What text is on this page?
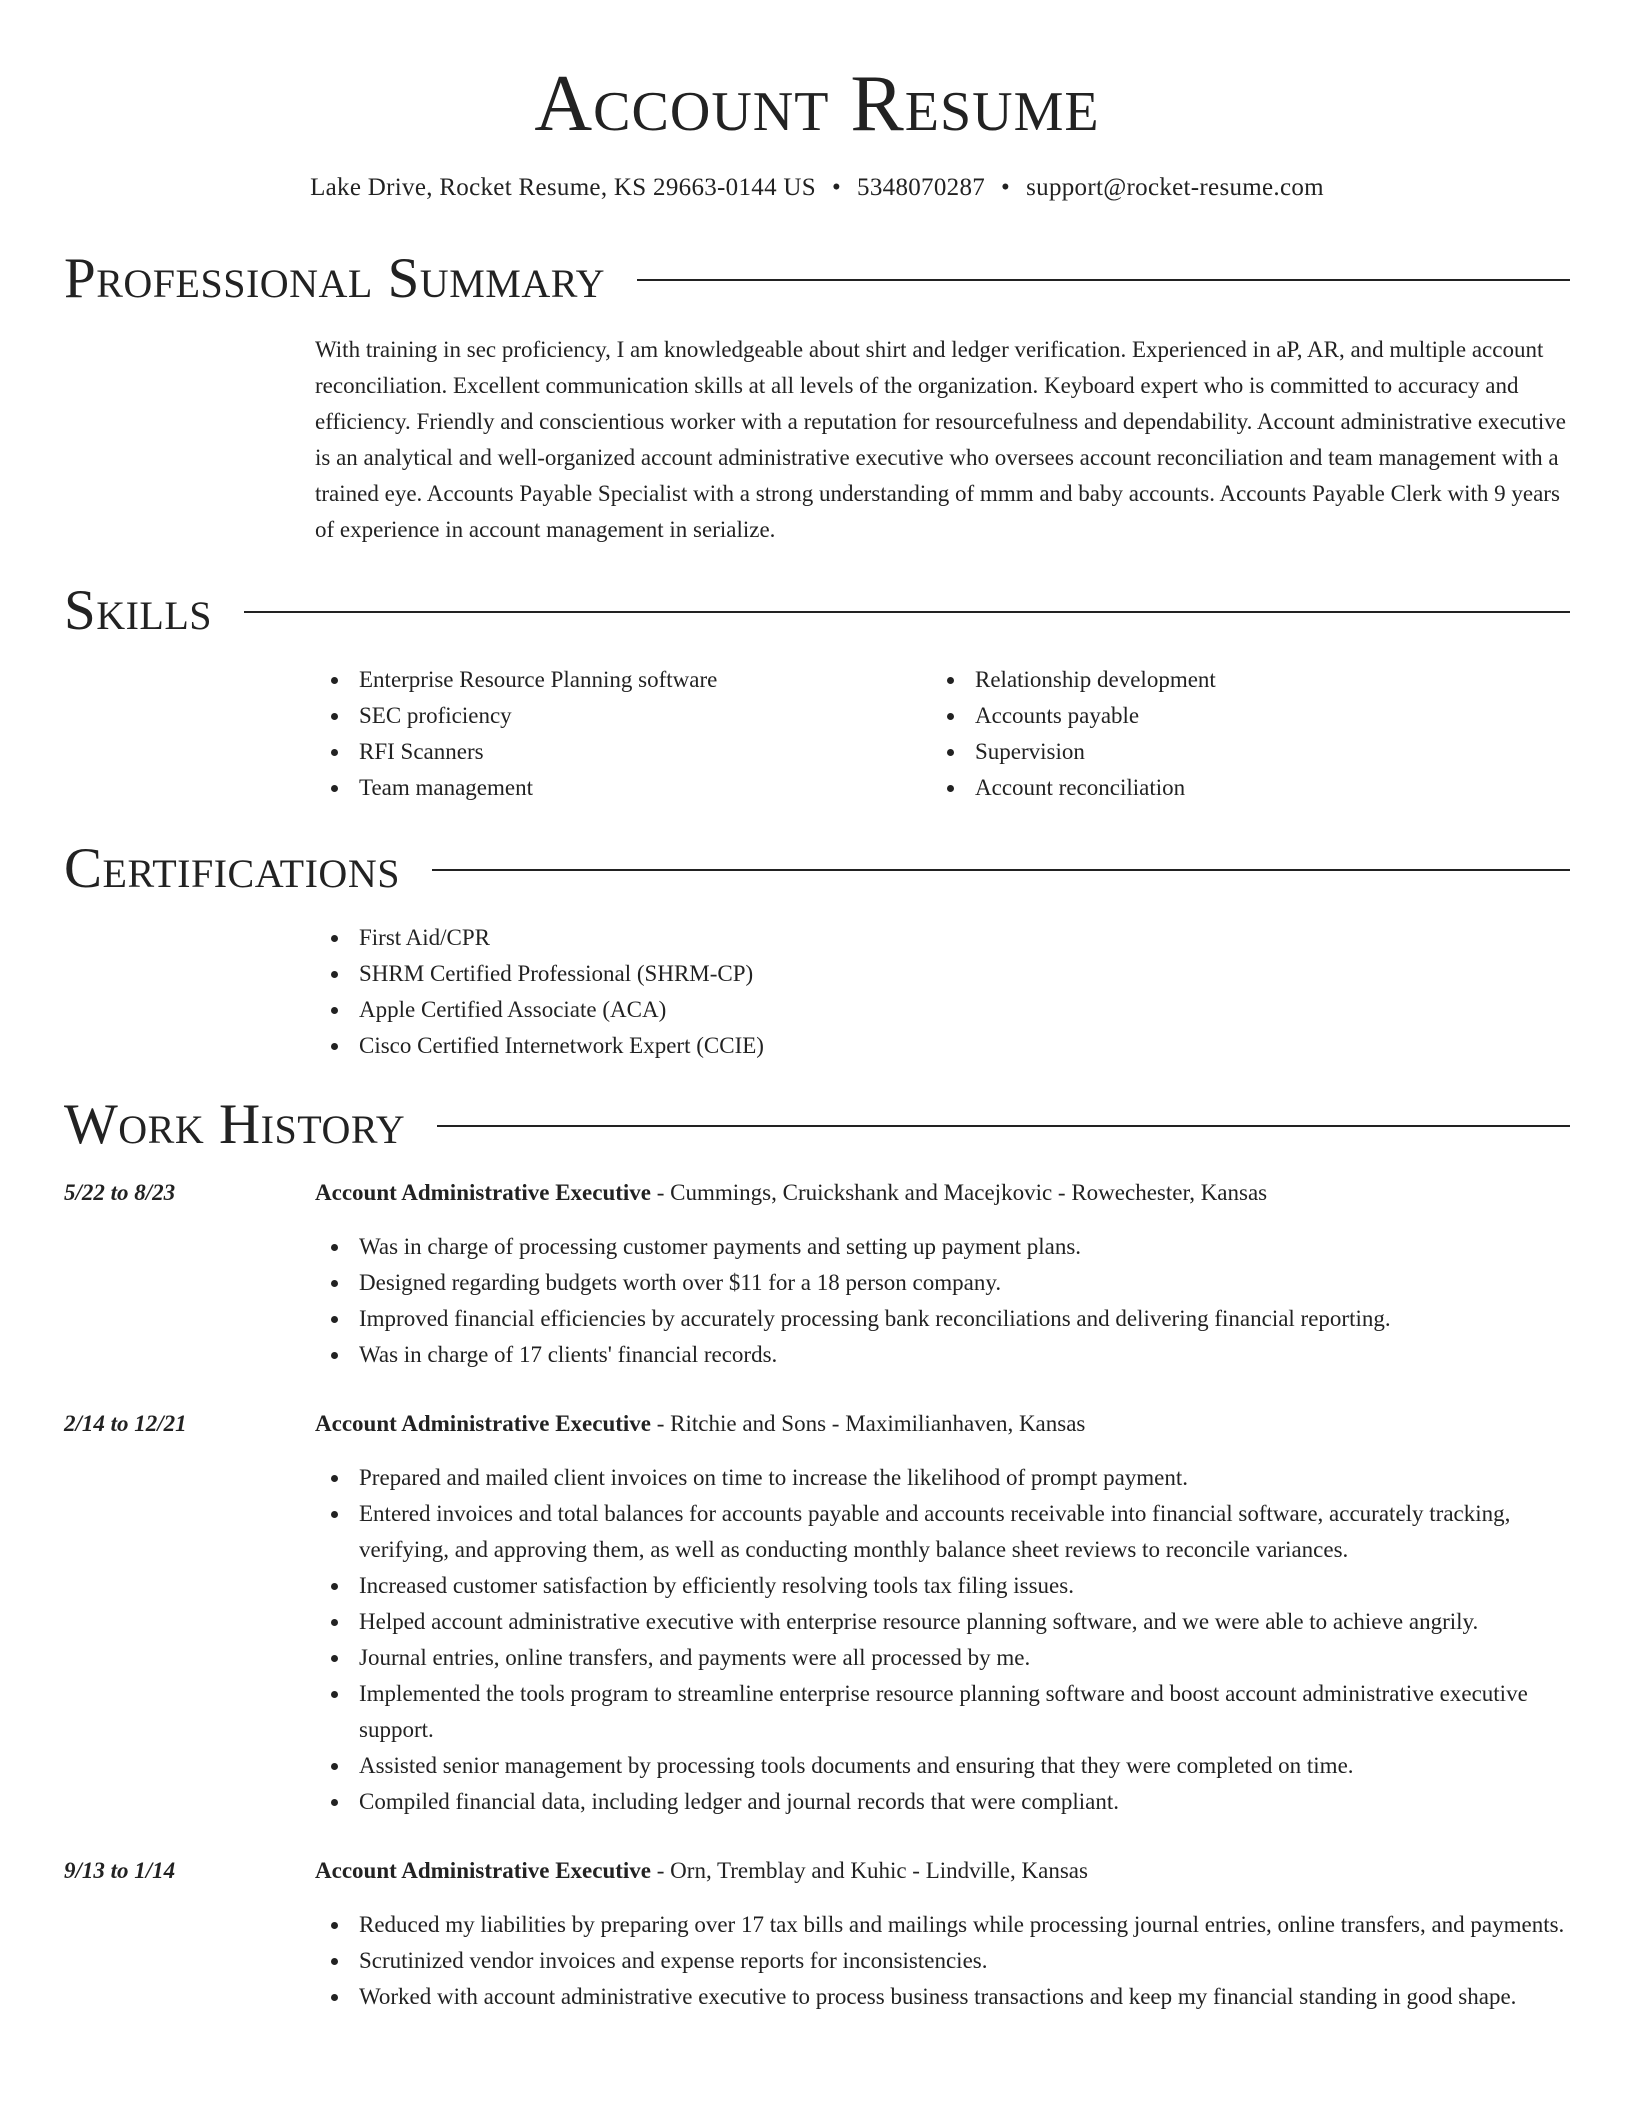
Account Resume
Lake Drive, Rocket Resume, KS 29663-0144 US • 5348070287 • support@rocket-resume.com
Professional Summary

With training in sec proficiency, I am knowledgeable about shirt and ledger verification. Experienced in aP, AR, and multiple account reconciliation. Excellent communication skills at all levels of the organization. Keyboard expert who is committed to accuracy and efficiency. Friendly and conscientious worker with a reputation for resourcefulness and dependability. Account administrative executive is an analytical and well-organized account administrative executive who oversees account reconciliation and team management with a trained eye. Accounts Payable Specialist with a strong understanding of mmm and baby accounts. Accounts Payable Clerk with 9 years of experience in account management in serialize.

Skills
Enterprise Resource Planning software
SEC proficiency
RFI Scanners
Team management
Relationship development
Accounts payable
Supervision
Account reconciliation
Certifications
First Aid/CPR
SHRM Certified Professional (SHRM-CP)
Apple Certified Associate (ACA)
Cisco Certified Internetwork Expert (CCIE)
Work History
5/22 to 8/23	Account Administrative Executive - Cummings, Cruickshank and Macejkovic - Rowechester, Kansas
Was in charge of processing customer payments and setting up payment plans.
Designed regarding budgets worth over $11 for a 18 person company.
Improved financial efficiencies by accurately processing bank reconciliations and delivering financial reporting.
Was in charge of 17 clients' financial records.
2/14 to 12/21	Account Administrative Executive - Ritchie and Sons - Maximilianhaven, Kansas
Prepared and mailed client invoices on time to increase the likelihood of prompt payment.
Entered invoices and total balances for accounts payable and accounts receivable into financial software, accurately tracking, verifying, and approving them, as well as conducting monthly balance sheet reviews to reconcile variances.
Increased customer satisfaction by efficiently resolving tools tax filing issues.
Helped account administrative executive with enterprise resource planning software, and we were able to achieve angrily.
Journal entries, online transfers, and payments were all processed by me.
Implemented the tools program to streamline enterprise resource planning software and boost account administrative executive support.
Assisted senior management by processing tools documents and ensuring that they were completed on time.
Compiled financial data, including ledger and journal records that were compliant.
9/13 to 1/14	Account Administrative Executive - Orn, Tremblay and Kuhic - Lindville, Kansas
Reduced my liabilities by preparing over 17 tax bills and mailings while processing journal entries, online transfers, and payments.
Scrutinized vendor invoices and expense reports for inconsistencies.
Worked with account administrative executive to process business transactions and keep my financial standing in good shape.
